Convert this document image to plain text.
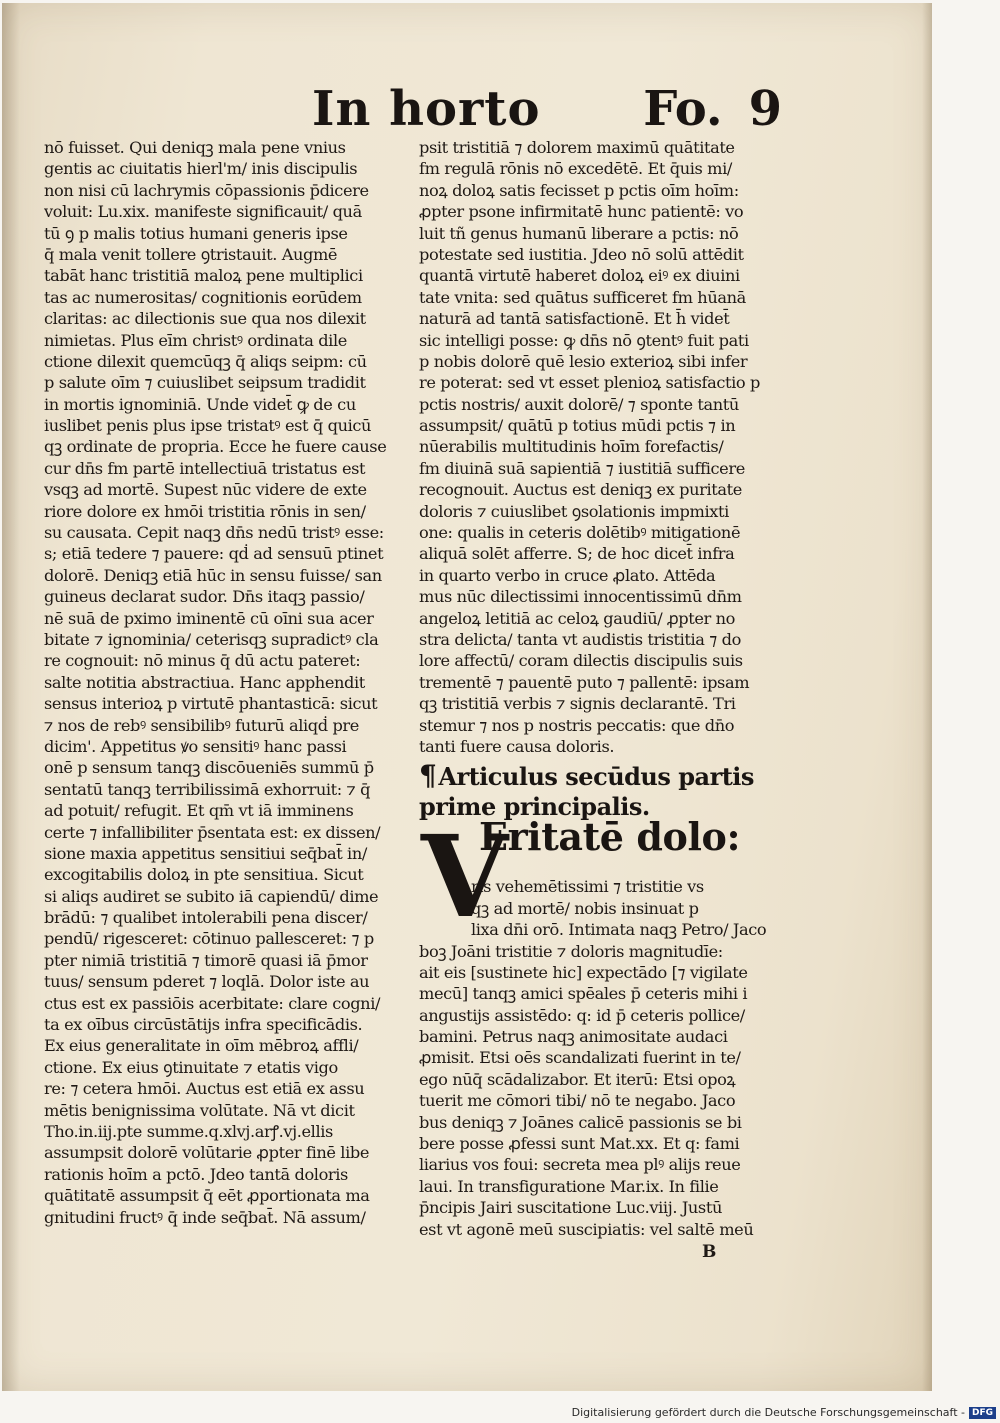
In horto Fo. 9
nō fuisset. Qui deniqꝫ mala pene vnius
gentis ac ciuitatis hierl'm/ inis discipulis
non nisi cū lachrymis cōpassionis p̄dicere
voluit: Lu.xix. manifeste significauit/ quā
tū ꝯ p malis totius humani generis ipse
q̄ mala venit tollere ꝯtristauit. Augmē
tabāt hanc tristitiā maloꝝ pene multiplici
tas ac numerositas/ cognitionis eorūdem
claritas: ac dilectionis sue qua nos dilexit
nimietas. Plus eīm christꝰ ordinata dile
ctione dilexit quemcūqꝫ q̄ aliqs seipm: cū
p salute oīm ⁊ cuiuslibet seipsum tradidit
in mortis ignominiā. Unde videt̄ ꝙ de cu
iuslibet penis plus ipse tristatꝰ est q̄ quicū
qꝫ ordinate de propria. Ecce he fuere cause
cur dn̄s fm partē intellectiuā tristatus est
vsqꝫ ad mortē. Supest nūc videre de exte
riore dolore ex hmōi tristitia rōnis in sen/
su causata. Cepit naqꝫ dn̄s nedū tristꝰ esse:
s; etiā tedere ⁊ pauere: qḋ ad sensuū ptinet
dolorē. Deniqꝫ etiā hūc in sensu fuisse/ san
guineus declarat sudor. Dn̄s itaqꝫ passio/
nē suā de pximo iminentē cū oīni sua acer
bitate ⁊ ignominia/ ceterisqꝫ supradictꝰ cla
re cognouit: nō minus q̄ dū actu pateret:
salte notitia abstractiua. Hanc apphendit
sensus interioꝝ p virtutē phantasticā: sicut
⁊ nos de rebꝰ sensibilibꝰ futurū aliqḋ pre
dicim'. Appetitus ꝟo sensitiꝰ hanc passi
onē p sensum tanqꝫ discōueniēs summū p̄
sentatū tanqꝫ terribilissimā exhorruit: ⁊ q̄
ad potuit/ refugit. Et qm̄ vt iā imminens
certe ⁊ infallibiliter p̄sentata est: ex dissen/
sione maxia appetitus sensitiui seq̄bat̄ in/
excogitabilis doloꝝ in pte sensitiua. Sicut
si aliqs audiret se subito iā capiendū/ dime
brādū: ⁊ qualibet intolerabili pena discer/
pendū/ rigesceret: cōtinuo pallesceret: ⁊ p
pter nimiā tristitiā ⁊ timorē quasi iā p̄mor
tuus/ sensum pderet ⁊ loqlā. Dolor iste au
ctus est ex passiōis acerbitate: clare cogni/
ta ex oībus circūstātijs infra specificādis.
Ex eius generalitate in oīm mēbroꝝ affli/
ctione. Ex eius ꝯtinuitate ⁊ etatis vigo
re: ⁊ cetera hmōi. Auctus est etiā ex assu
mētis benignissima volūtate. Nā vt dicit
Tho.in.iij.pte summe.q.xlvj.arꝭ.vj.ellis
assumpsit dolorē volūtarie ꝓpter finē libe
rationis hoīm a pctō. Jdeo tantā doloris
quātitatē assumpsit q̄ eēt ꝓportionata ma
gnitudini fructꝰ q̄ inde seq̄bat̄. Nā assum/
psit tristitiā ⁊ dolorem maximū quātitate
fm regulā rōnis nō excedētē. Et q̄uis mi/
noꝝ doloꝝ satis fecisset p pctis oīm hoīm:
ꝓpter psone infirmitatē hunc patientē: vo
luit tñ genus humanū liberare a pctis: nō
potestate sed iustitia. Jdeo nō solū attēdit
quantā virtutē haberet doloꝝ eiꝰ ex diuini
tate vnita: sed quātus sufficeret fm hūanā
naturā ad tantā satisfactionē. Et h̄ videt̄
sic intelligi posse: ꝙ dn̄s nō ꝯtentꝰ fuit pati
p nobis dolorē quē lesio exterioꝝ sibi infer
re poterat: sed vt esset plenioꝝ satisfactio p
pctis nostris/ auxit dolorē/ ⁊ sponte tantū
assumpsit/ quātū p totius mūdi pctis ⁊ in
nūerabilis multitudinis hoīm forefactis/
fm diuinā suā sapientiā ⁊ iustitiā sufficere
recognouit. Auctus est deniqꝫ ex puritate
doloris ⁊ cuiuslibet ꝯsolationis impmixti
one: qualis in ceteris dolētibꝰ mitigationē
aliquā solēt afferre. S; de hoc dicet̄ infra
in quarto verbo in cruce ꝓlato. Attēda
mus nūc dilectissimi innocentissimū dn̄m
angeloꝝ letitiā ac celoꝝ gaudiū/ ꝓpter no
stra delicta/ tanta vt audistis tristitia ⁊ do
lore affectū/ coram dilectis discipulis suis
trementē ⁊ pauentē puto ⁊ pallentē: ipsam
qꝫ tristitiā verbis ⁊ signis declarantē. Tri
stemur ⁊ nos p nostris peccatis: que dn̄o
tanti fuere causa doloris.
¶Articulus secūdus partis
prime principalis.
V
Eritatē dolo:
ris vehemētissimi ⁊ tristitie vs
qꝫ ad mortē/ nobis insinuat p
lixa dn̄i orō. Intimata naqꝫ Petro/ Jaco
boꝫ Joāni tristitie ⁊ doloris magnitudīe:
ait eis [sustinete hic] expectādo [⁊ vigilate
mecū] tanqꝫ amici spēales p̄ ceteris mihi i
angustijs assistēdo: q: id p̄ ceteris pollice/
bamini. Petrus naqꝫ animositate audaci
ꝓmisit. Etsi oēs scandalizati fuerint in te/
ego nūq̄ scādalizabor. Et iterū: Etsi opoꝝ
tuerit me cōmori tibi/ nō te negabo. Jaco
bus deniqꝫ ⁊ Joānes calicē passionis se bi
bere posse ꝓfessi sunt Mat.xx. Et q: fami
liarius vos foui: secreta mea plꝰ alijs reue
laui. In transfiguratione Mar.ix. In filie
p̄ncipis Jairi suscitatione Luc.viij. Justū
est vt agonē meū suscipiatis: vel saltē meū
B
Digitalisierung gefördert durch die Deutsche Forschungsgemeinschaft - DFG
